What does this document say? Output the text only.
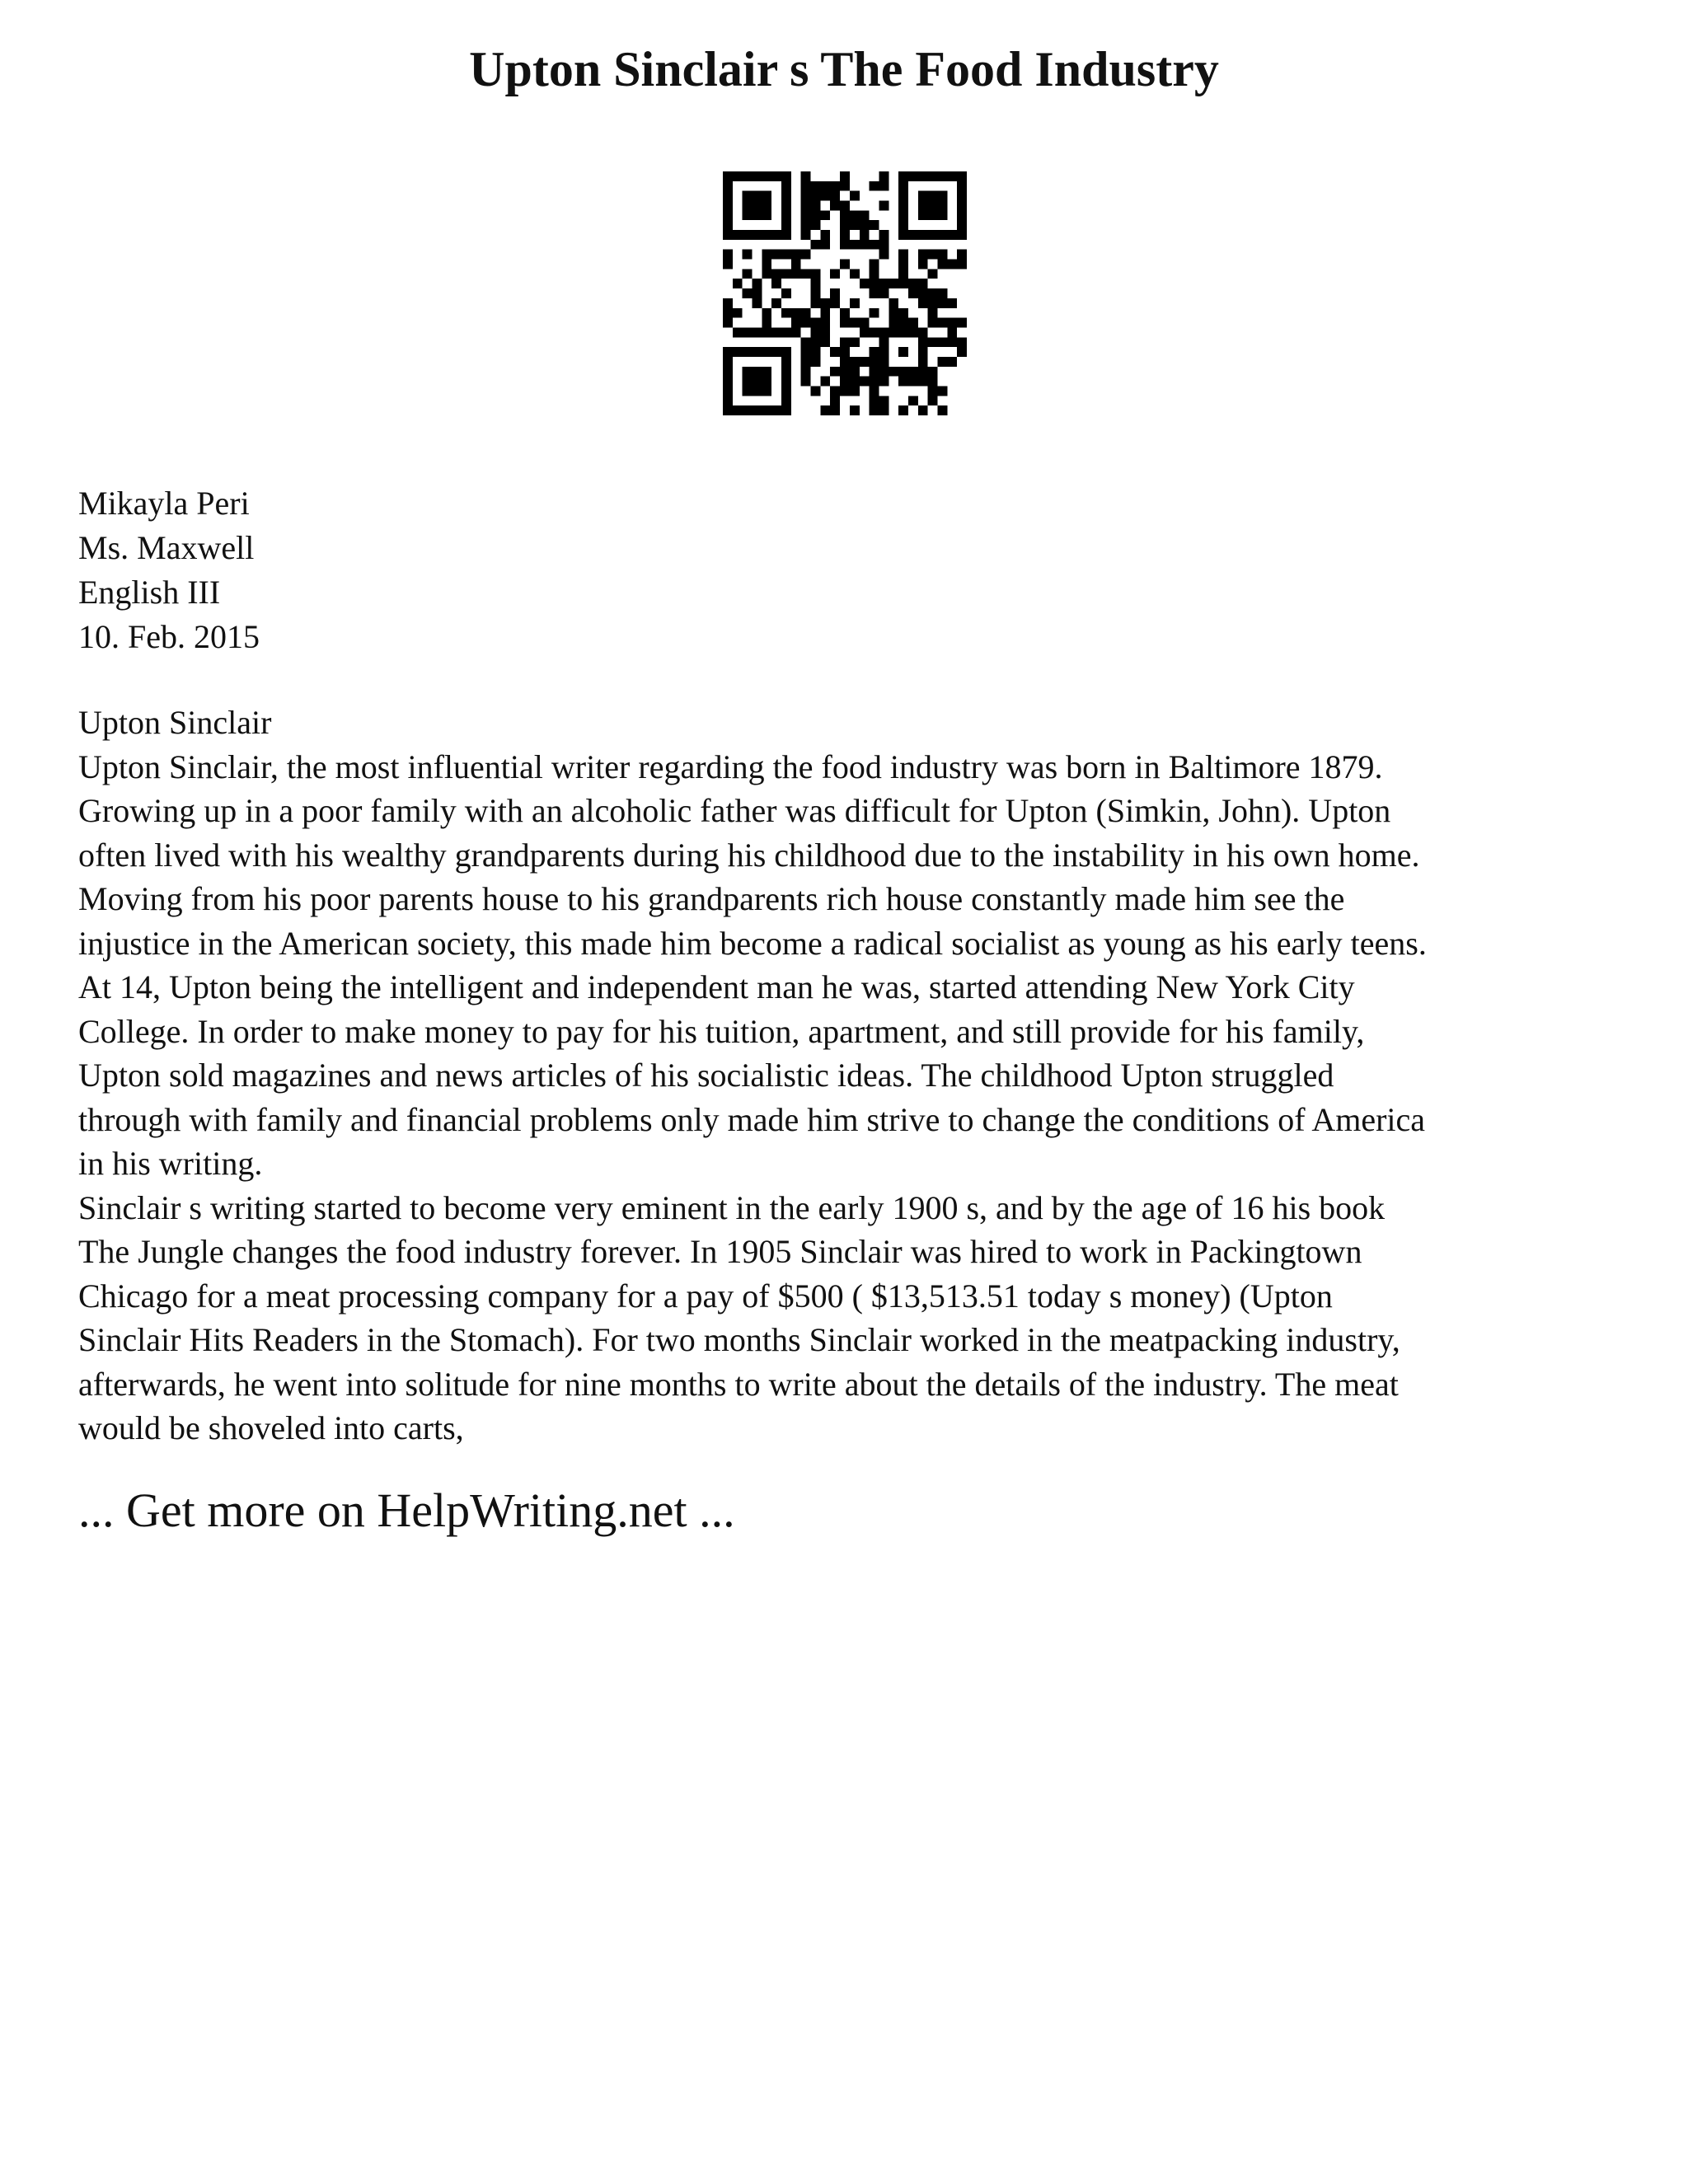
Upton Sinclair s The Food Industry
Mikayla Peri
Ms. Maxwell
English III
10. Feb. 2015
Upton Sinclair
Upton Sinclair, the most influential writer regarding the food industry was born in Baltimore 1879.
Growing up in a poor family with an alcoholic father was difficult for Upton (Simkin, John). Upton
often lived with his wealthy grandparents during his childhood due to the instability in his own home.
Moving from his poor parents house to his grandparents rich house constantly made him see the
injustice in the American society, this made him become a radical socialist as young as his early teens.
At 14, Upton being the intelligent and independent man he was, started attending New York City
College. In order to make money to pay for his tuition, apartment, and still provide for his family,
Upton sold magazines and news articles of his socialistic ideas. The childhood Upton struggled
through with family and financial problems only made him strive to change the conditions of America
in his writing.
Sinclair s writing started to become very eminent in the early 1900 s, and by the age of 16 his book
The Jungle changes the food industry forever. In 1905 Sinclair was hired to work in Packingtown
Chicago for a meat processing company for a pay of $500 ( $13,513.51 today s money) (Upton
Sinclair Hits Readers in the Stomach). For two months Sinclair worked in the meatpacking industry,
afterwards, he went into solitude for nine months to write about the details of the industry. The meat
would be shoveled into carts,
... Get more on HelpWriting.net ...
